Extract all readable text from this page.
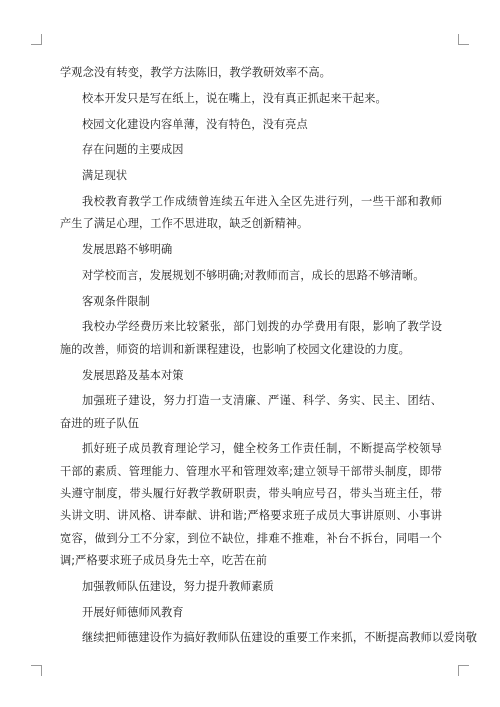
学观念没有转变，教学方法陈旧，教学教研效率不高。

校本开发只是写在纸上，说在嘴上，没有真正抓起来干起来。

校园文化建设内容单薄，没有特色，没有亮点

存在问题的主要成因

满足现状

我校教育教学工作成绩曾连续五年进入全区先进行列，一些干部和教师产生了满足心理，工作不思进取，缺乏创新精神。

发展思路不够明确

对学校而言，发展规划不够明确;对教师而言，成长的思路不够清晰。

客观条件限制

我校办学经费历来比较紧张，部门划拨的办学费用有限，影响了教学设施的改善，师资的培训和新课程建设，也影响了校园文化建设的力度。

发展思路及基本对策

加强班子建设，努力打造一支清廉、严谨、科学、务实、民主、团结、奋进的班子队伍

抓好班子成员教育理论学习，健全校务工作责任制，不断提高学校领导干部的素质、管理能力、管理水平和管理效率;建立领导干部带头制度，即带头遵守制度，带头履行好教学教研职责，带头响应号召，带头当班主任，带头讲文明、讲风格、讲奉献、讲和谐;严格要求班子成员大事讲原则、小事讲宽容，做到分工不分家，到位不缺位，排难不推难，补台不拆台，同唱一个调;严格要求班子成员身先士卒，吃苦在前

加强教师队伍建设，努力提升教师素质

开展好师德师风教育

继续把师德建设作为搞好教师队伍建设的重要工作来抓，不断提高教师以爱岗敬
